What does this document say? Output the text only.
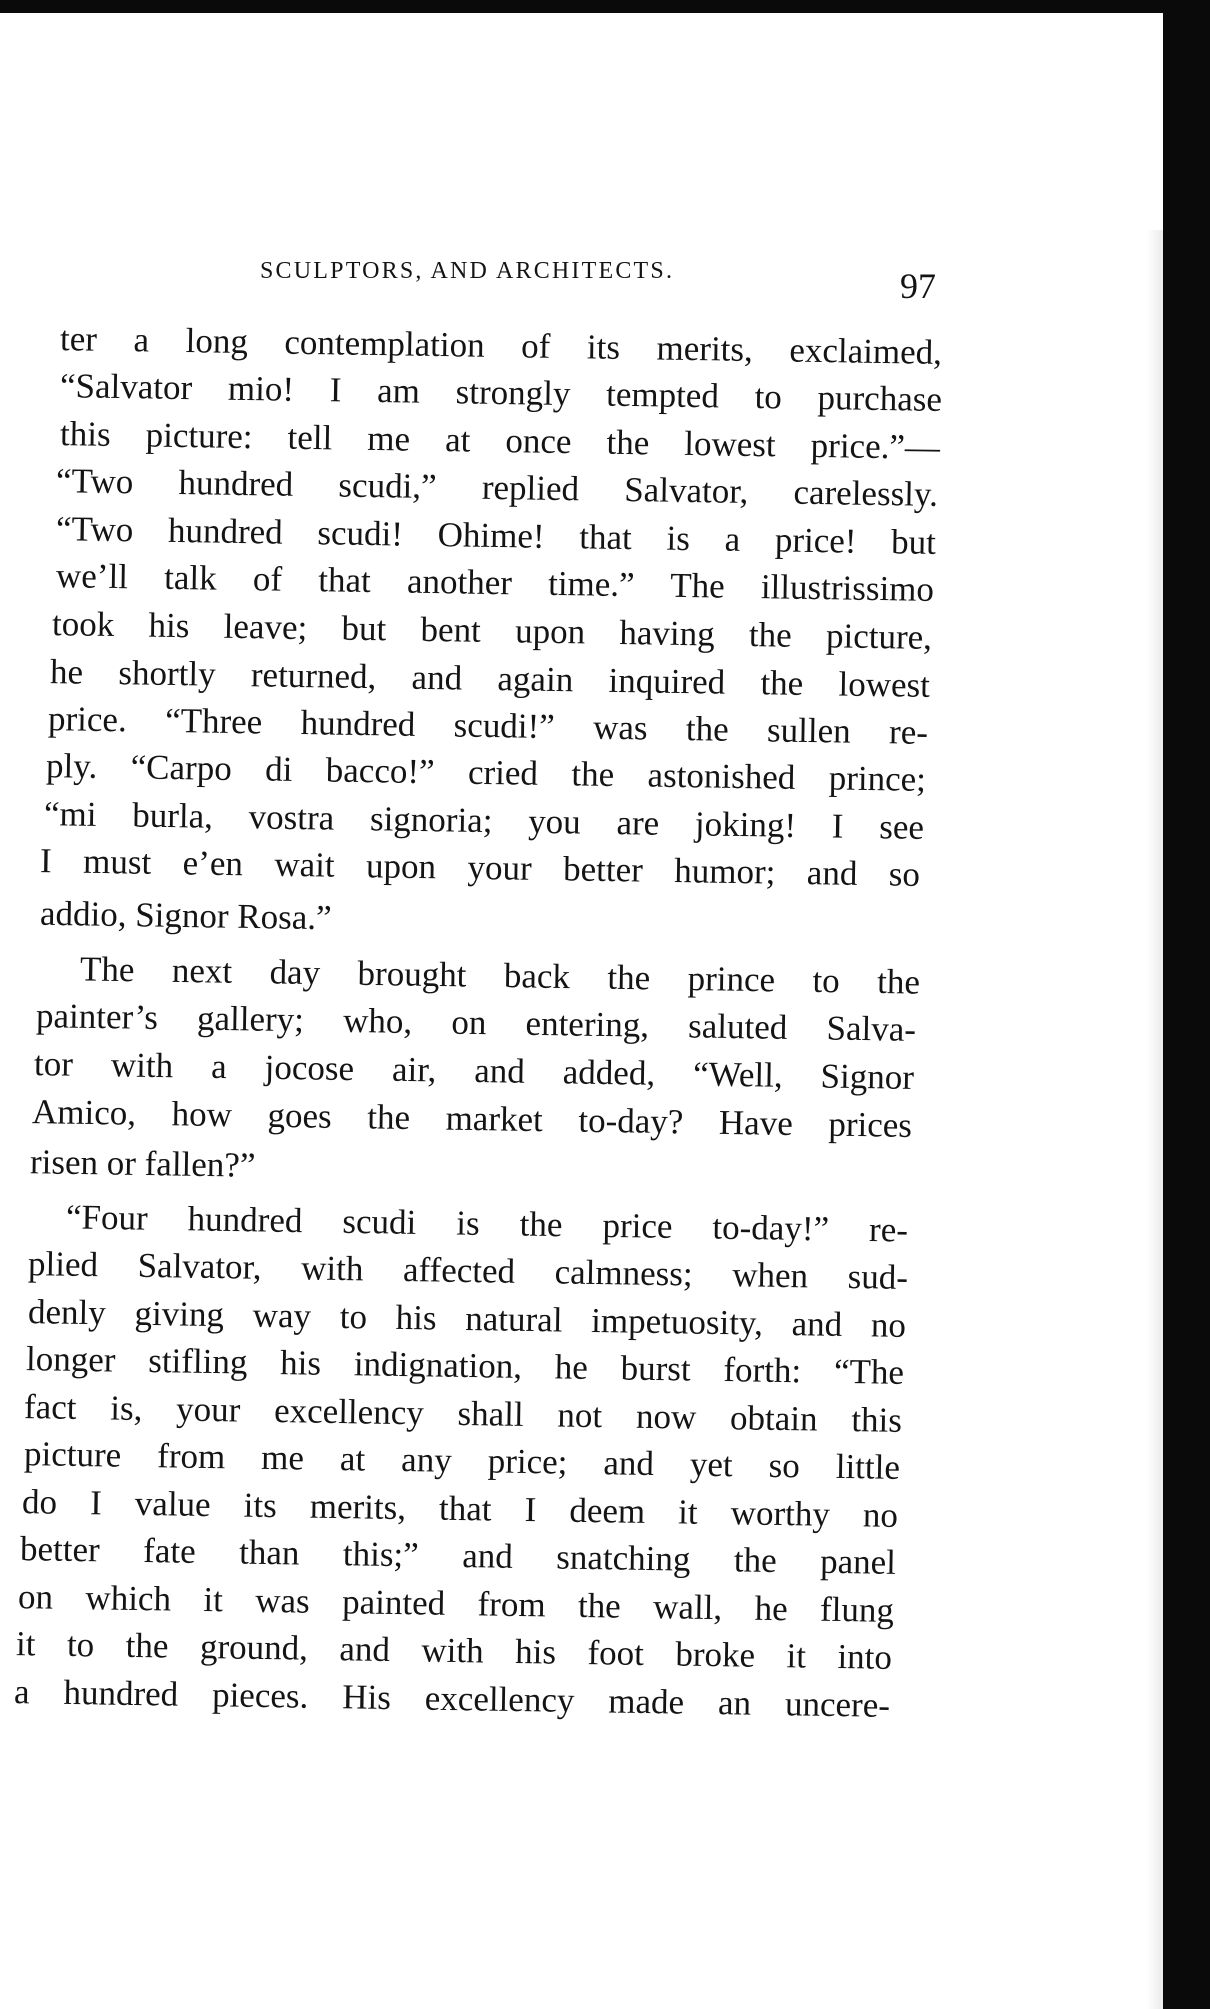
SCULPTORS, AND ARCHITECTS.	97
ter a long contemplation of its merits, exclaimed,
“Salvator mio! I am strongly tempted to purchase
this picture: tell me at once the lowest price.”—
“Two hundred scudi,” replied Salvator, carelessly.
“Two hundred scudi! Ohime! that is a price! but
we’ll talk of that another time.” The illustrissimo
took his leave; but bent upon having the picture,
he shortly returned, and again inquired the lowest
price. “Three hundred scudi!” was the sullen re-
ply. “Carpo di bacco!” cried the astonished prince;
“mi burla, vostra signoria; you are joking! I see
I must e’en wait upon your better humor; and so
addio, Signor Rosa.”
The next day brought back the prince to the
painter’s gallery; who, on entering, saluted Salva-
tor with a jocose air, and added, “Well, Signor
Amico, how goes the market to-day? Have prices
risen or fallen?”
“Four hundred scudi is the price to-day!” re-
plied Salvator, with affected calmness; when sud-
denly giving way to his natural impetuosity, and no
longer stifling his indignation, he burst forth: “The
fact is, your excellency shall not now obtain this
picture from me at any price; and yet so little
do I value its merits, that I deem it worthy no
better fate than this;” and snatching the panel
on which it was painted from the wall, he flung
it to the ground, and with his foot broke it into
a hundred pieces. His excellency made an uncere-
